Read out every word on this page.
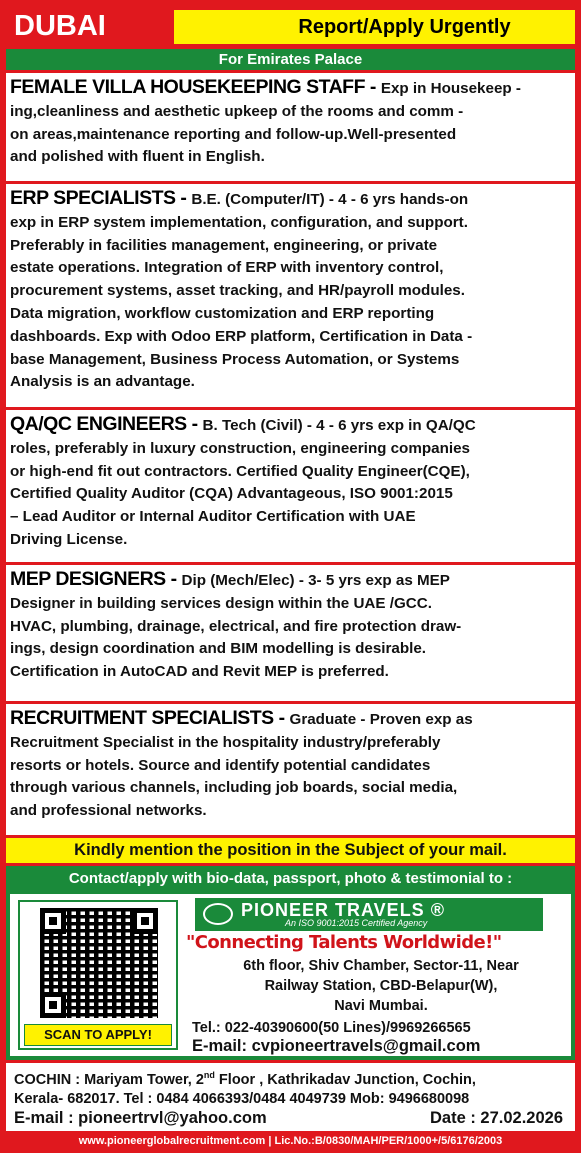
DUBAI	Report/Apply Urgently
For Emirates Palace
FEMALE VILLA HOUSEKEEPING STAFF - Exp in Housekeep -
ing,cleanliness and aesthetic upkeep of the rooms and comm -
on areas,maintenance reporting and follow-up.Well-presented
and polished with fluent in English.
ERP SPECIALISTS - B.E. (Computer/IT) - 4 - 6 yrs hands-on
exp in ERP system implementation, configuration, and support.
Preferably in facilities management, engineering, or private
estate operations. Integration of ERP with inventory control,
procurement systems, asset tracking, and HR/payroll modules.
Data migration, workflow customization and ERP reporting
dashboards. Exp with Odoo ERP platform, Certification in Data -
base Management, Business Process Automation, or Systems
Analysis is an advantage.
QA/QC ENGINEERS - B. Tech (Civil) - 4 - 6 yrs exp in QA/QC
roles, preferably in luxury construction, engineering companies
or high-end fit out contractors. Certified Quality Engineer(CQE),
Certified Quality Auditor (CQA) Advantageous, ISO 9001:2015
– Lead Auditor or Internal Auditor Certification with UAE
Driving License.
MEP DESIGNERS - Dip (Mech/Elec) - 3- 5 yrs exp as MEP
Designer in building services design within the UAE /GCC.
HVAC, plumbing, drainage, electrical, and fire protection draw-
ings, design coordination and BIM modelling is desirable.
Certification in AutoCAD and Revit MEP is preferred.
RECRUITMENT SPECIALISTS - Graduate - Proven exp as
Recruitment Specialist in the hospitality industry/preferably
resorts or hotels. Source and identify potential candidates
through various channels, including job boards, social media,
and professional networks.
Kindly mention the position in the Subject of your mail.
Contact/apply with bio-data, passport, photo & testimonial to :
SCAN TO APPLY!
PIONEER TRAVELS ®
An ISO 9001:2015 Certified Agency
"Connecting Talents Worldwide!"
6th floor, Shiv Chamber, Sector-11, Near
Railway Station, CBD-Belapur(W),
Navi Mumbai.
Tel.: 022-40390600(50 Lines)/9969266565
E-mail: cvpioneertravels@gmail.com
COCHIN : Mariyam Tower, 2nd Floor , Kathrikadav Junction, Cochin,
Kerala- 682017. Tel : 0484 4066393/0484 4049739 Mob: 9496680098
E-mail : pioneertrvl@yahoo.com	Date : 27.02.2026
www.pioneerglobalrecruitment.com | Lic.No.:B/0830/MAH/PER/1000+/5/6176/2003
